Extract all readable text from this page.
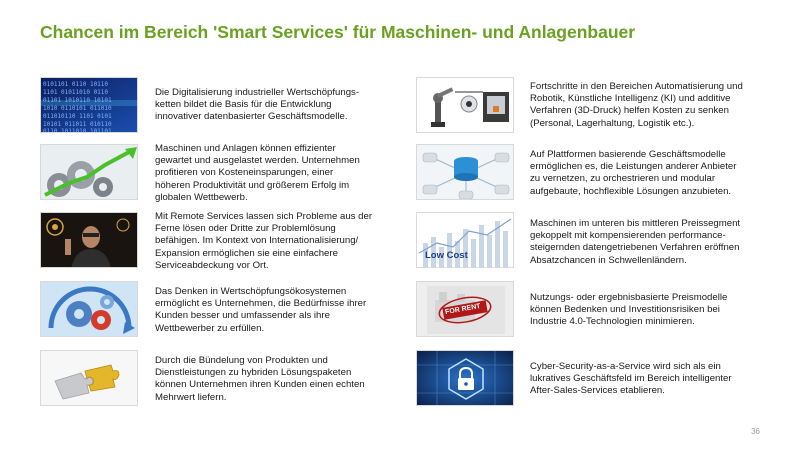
Chancen im Bereich 'Smart Services' für Maschinen- und Anlagenbauer
0101101 0110 10110
1101 01011010 0110
01101 1010110 10101
1010 0110101 011010
011010110 1101 0101
10101 011011 010110
0110 1011010 101101
Die Digitalisierung industrieller Wertschöpfungs-
ketten bildet die Basis für die Entwicklung
innovativer datenbasierter Geschäftsmodelle.
Maschinen und Anlagen können effizienter
gewartet und ausgelastet werden. Unternehmen
profitieren von Kosteneinsparungen, einer
höheren Produktivität und größerem Erfolg im
globalen Wettbewerb.
Mit Remote Services lassen sich Probleme aus der
Ferne lösen oder Dritte zur Problemlösung
befähigen. Im Kontext von Internationalisierung/
Expansion ermöglichen sie eine einfachere
Serviceabdeckung vor Ort.
Das Denken in Wertschöpfungsökosystemen
ermöglicht es Unternehmen, die Bedürfnisse ihrer
Kunden besser und umfassender als ihre
Wettbewerber zu erfüllen.
Durch die Bündelung von Produkten und
Dienstleistungen zu hybriden Lösungspaketen
können Unternehmen ihren Kunden einen echten
Mehrwert liefern.
Fortschritte in den Bereichen Automatisierung und
Robotik, Künstliche Intelligenz (KI) und additive
Verfahren (3D-Druck) helfen Kosten zu senken
(Personal, Lagerhaltung, Logistik etc.).
Auf Plattformen basierende Geschäftsmodelle
ermöglichen es, die Leistungen anderer Anbieter
zu vernetzen, zu orchestrieren und modular
aufgebaute, hochflexible Lösungen anzubieten.
Low Cost
Maschinen im unteren bis mittleren Preissegment
gekoppelt mit kompensierenden performance-
steigernden datengetriebenen Verfahren eröffnen
Absatzchancen in Schwellenländern.
FOR RENT
Nutzungs- oder ergebnisbasierte Preismodelle
können Bedenken und Investitionsrisiken bei
Industrie 4.0-Technologien minimieren.
Cyber-Security-as-a-Service wird sich als ein
lukratives Geschäftsfeld im Bereich intelligenter
After-Sales-Services etablieren.
36
